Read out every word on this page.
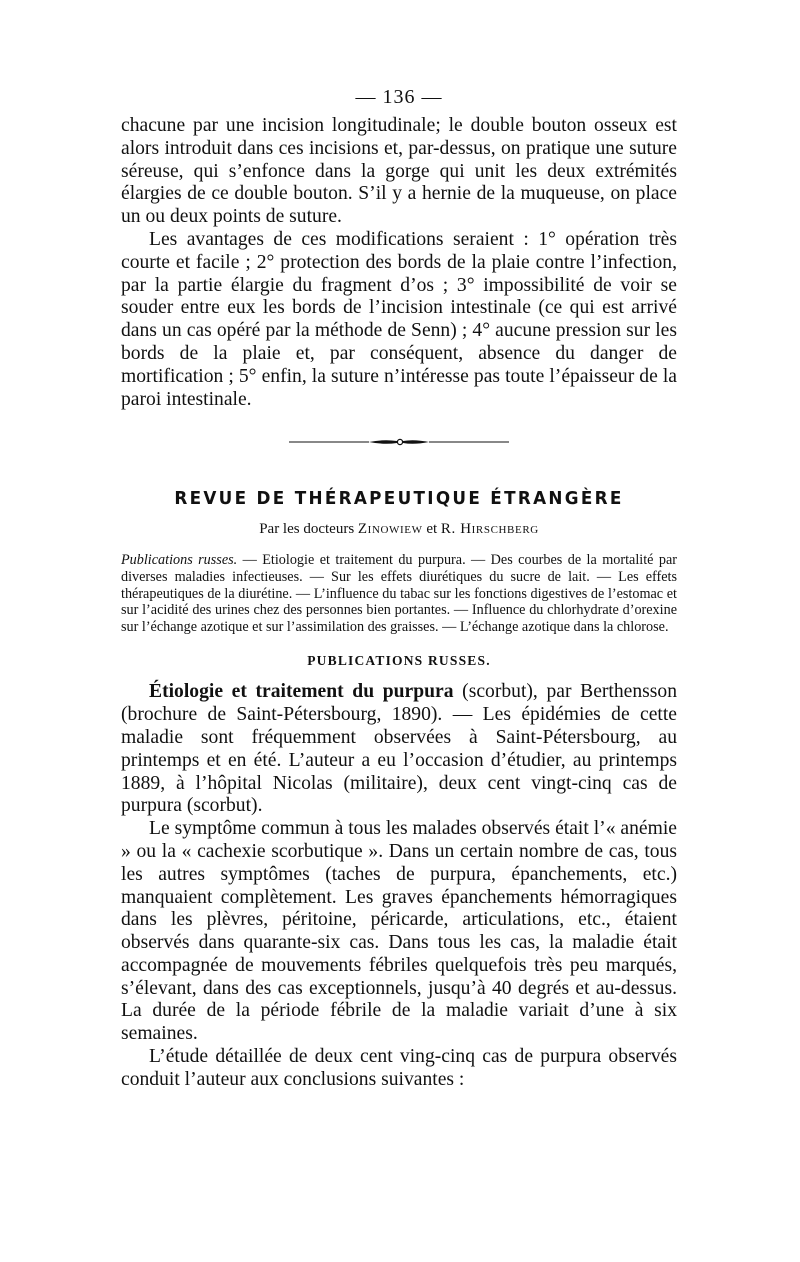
— 136 —

chacune par une incision longitudinale; le double bouton osseux est alors introduit dans ces incisions et, par-dessus, on pratique une suture séreuse, qui s’enfonce dans la gorge qui unit les deux extrémités élargies de ce double bouton. S’il y a hernie de la muqueuse, on place un ou deux points de suture.

Les avantages de ces modifications seraient : 1° opération très courte et facile ; 2° protection des bords de la plaie contre l’infection, par la partie élargie du fragment d’os ; 3° impossibilité de voir se souder entre eux les bords de l’incision intestinale (ce qui est arrivé dans un cas opéré par la méthode de Senn) ; 4° aucune pression sur les bords de la plaie et, par conséquent, absence du danger de mortification ; 5° enfin, la suture n’intéresse pas toute l’épaisseur de la paroi intestinale.

REVUE DE THÉRAPEUTIQUE ÉTRANGÈRE
Par les docteurs Zinowiew et R. Hirschberg

Publications russes. — Etiologie et traitement du purpura. — Des courbes de la mortalité par diverses maladies infectieuses. — Sur les effets diurétiques du sucre de lait. — Les effets thérapeutiques de la diurétine. — L’influence du tabac sur les fonctions digestives de l’estomac et sur l’acidité des urines chez des personnes bien portantes. — Influence du chlorhydrate d’orexine sur l’échange azotique et sur l’assimilation des graisses. — L’échange azotique dans la chlorose.

PUBLICATIONS RUSSES.

Étiologie et traitement du purpura (scorbut), par Berthensson (brochure de Saint-Pétersbourg, 1890). — Les épidémies de cette maladie sont fréquemment observées à Saint-Pétersbourg, au printemps et en été. L’auteur a eu l’occasion d’étudier, au printemps 1889, à l’hôpital Nicolas (militaire), deux cent vingt-cinq cas de purpura (scorbut).

Le symptôme commun à tous les malades observés était l’« anémie » ou la « cachexie scorbutique ». Dans un certain nombre de cas, tous les autres symptômes (taches de purpura, épanchements, etc.) manquaient complètement. Les graves épanchements hémorragiques dans les plèvres, péritoine, péricarde, articulations, etc., étaient observés dans quarante-six cas. Dans tous les cas, la maladie était accompagnée de mouvements fébriles quelquefois très peu marqués, s’élevant, dans des cas exceptionnels, jusqu’à 40 degrés et au-dessus. La durée de la période fébrile de la maladie variait d’une à six semaines.

L’étude détaillée de deux cent ving-cinq cas de purpura observés conduit l’auteur aux conclusions suivantes :
